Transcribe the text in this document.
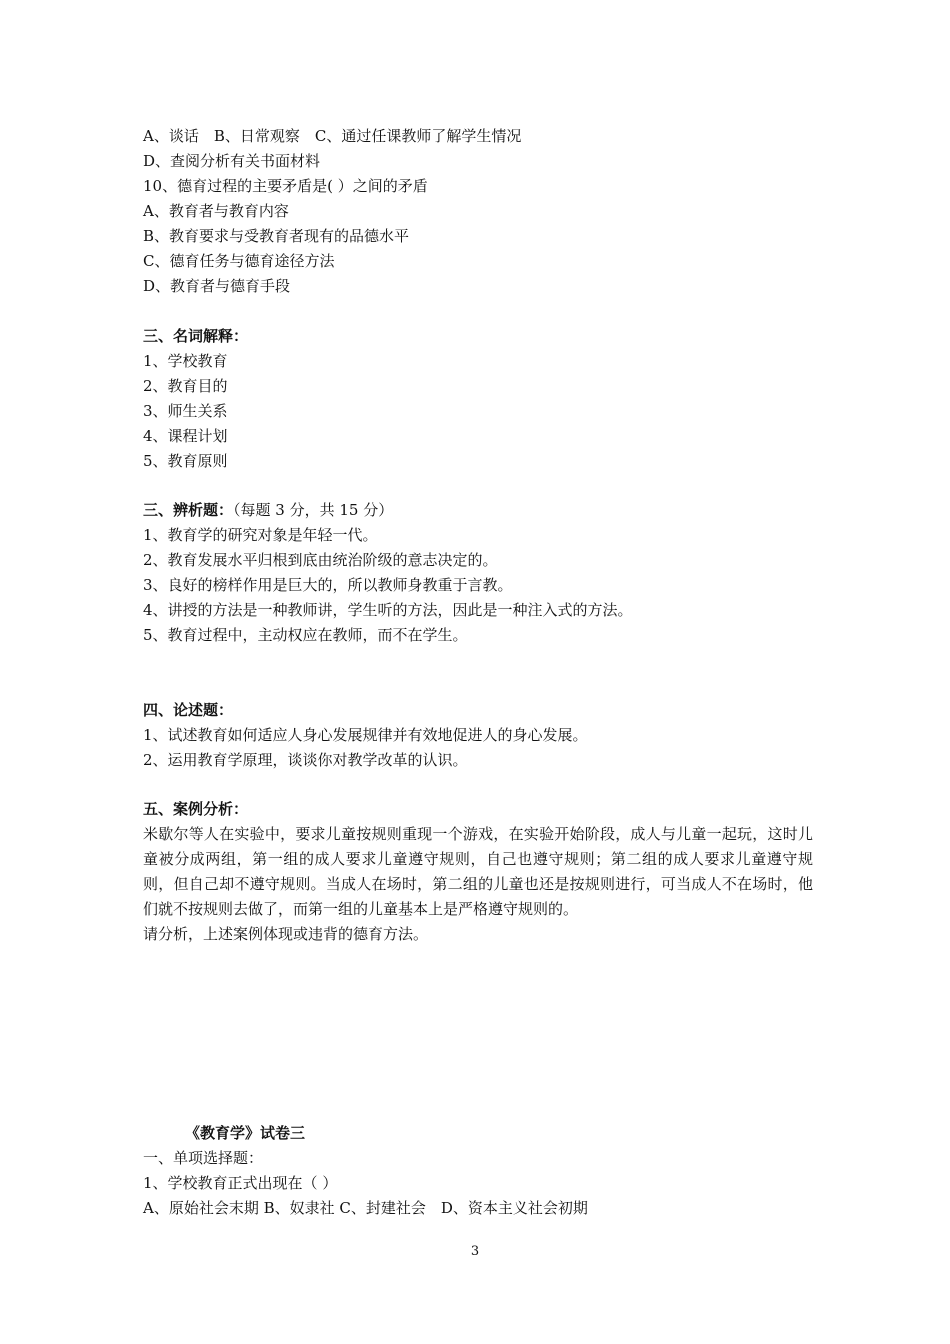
A、谈话　B、日常观察　C、通过任课教师了解学生情况
D、查阅分析有关书面材料
10、德育过程的主要矛盾是( ）之间的矛盾
A、教育者与教育内容
B、教育要求与受教育者现有的品德水平
C、德育任务与德育途径方法
D、教育者与德育手段
三、名词解释：
1、学校教育
2、教育目的
3、师生关系
4、课程计划
5、教育原则
三、辨析题：（每题 3 分，共 15 分）
1、教育学的研究对象是年轻一代。
2、教育发展水平归根到底由统治阶级的意志决定的。
3、良好的榜样作用是巨大的，所以教师身教重于言教。
4、讲授的方法是一种教师讲，学生听的方法，因此是一种注入式的方法。
5、教育过程中，主动权应在教师，而不在学生。
四、论述题：
1、试述教育如何适应人身心发展规律并有效地促进人的身心发展。
2、运用教育学原理，谈谈你对教学改革的认识。
五、案例分析：
米歇尔等人在实验中，要求儿童按规则重现一个游戏，在实验开始阶段，成人与儿童一起玩，这时儿童被分成两组，第一组的成人要求儿童遵守规则，自己也遵守规则；第二组的成人要求儿童遵守规则，但自己却不遵守规则。当成人在场时，第二组的儿童也还是按规则进行，可当成人不在场时，他们就不按规则去做了，而第一组的儿童基本上是严格遵守规则的。
请分析，上述案例体现或违背的德育方法。
《教育学》试卷三
一、单项选择题：
1、学校教育正式出现在（ ）
A、原始社会末期 B、奴隶社 C、封建社会　D、资本主义社会初期
3
